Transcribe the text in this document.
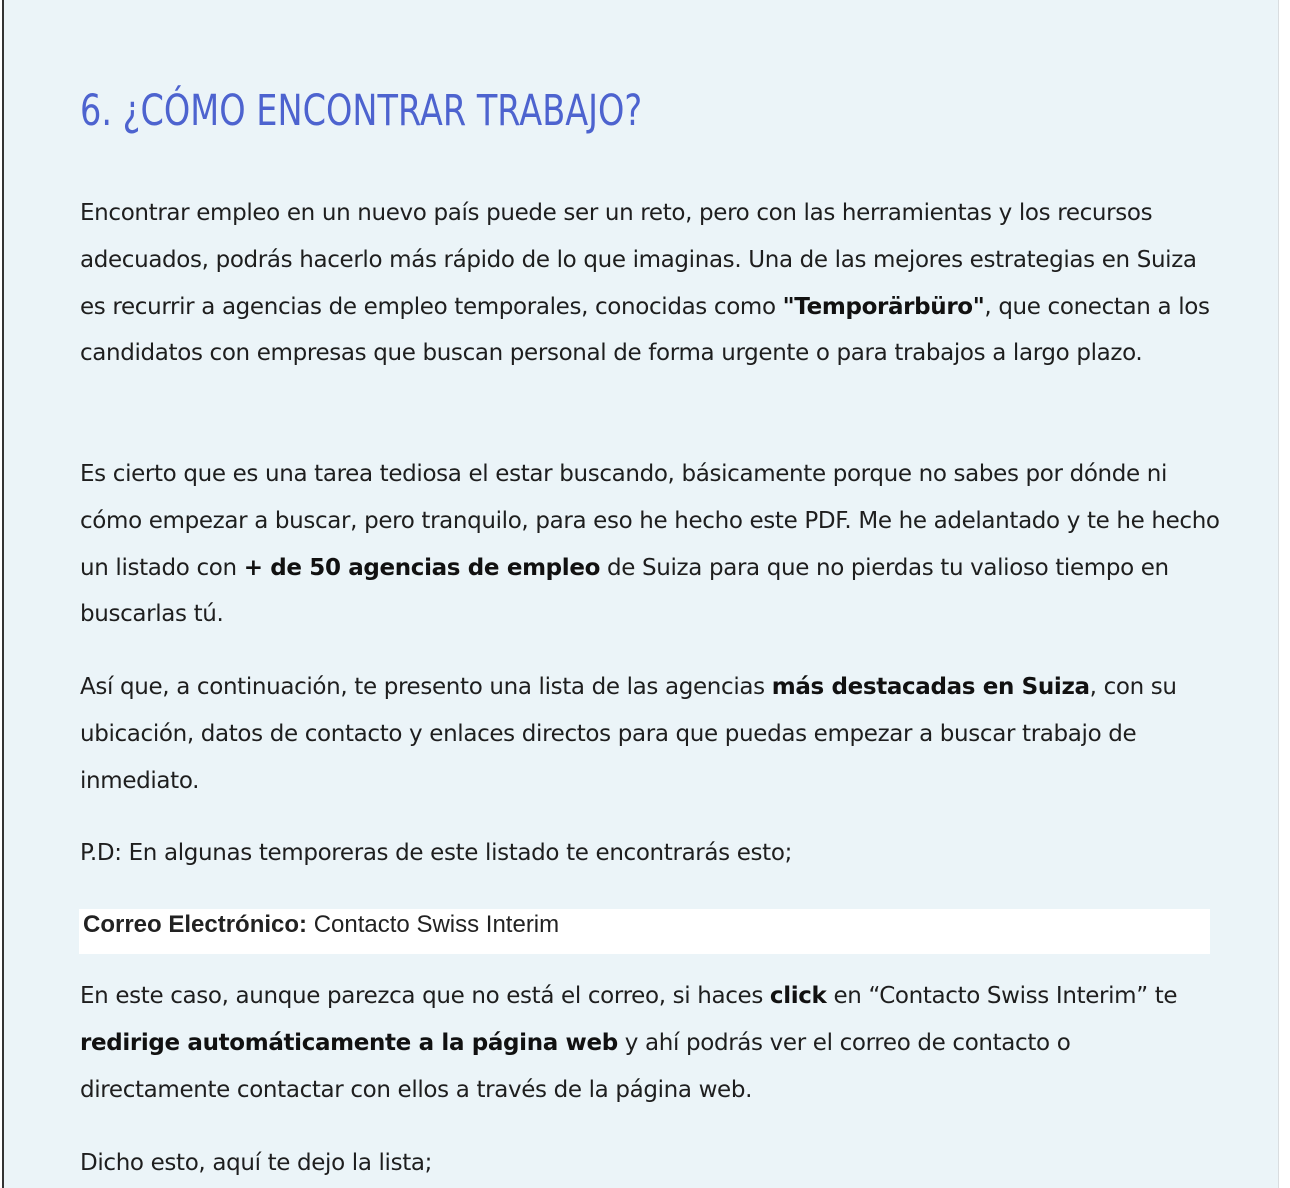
6. ¿CÓMO ENCONTRAR TRABAJO?

Encontrar empleo en un nuevo país puede ser un reto, pero con las herramientas y los recursos adecuados, podrás hacerlo más rápido de lo que imaginas. Una de las mejores estrategias en Suiza es recurrir a agencias de empleo temporales, conocidas como "Temporärbüro", que conectan a los candidatos con empresas que buscan personal de forma urgente o para trabajos a largo plazo.

Es cierto que es una tarea tediosa el estar buscando, básicamente porque no sabes por dónde ni cómo empezar a buscar, pero tranquilo, para eso he hecho este PDF. Me he adelantado y te he hecho un listado con + de 50 agencias de empleo de Suiza para que no pierdas tu valioso tiempo en buscarlas tú.

Así que, a continuación, te presento una lista de las agencias más destacadas en Suiza, con su ubicación, datos de contacto y enlaces directos para que puedas empezar a buscar trabajo de inmediato.

P.D: En algunas temporeras de este listado te encontrarás esto;

Correo Electrónico: Contacto Swiss Interim

En este caso, aunque parezca que no está el correo, si haces click en “Contacto Swiss Interim” te redirige automáticamente a la página web y ahí podrás ver el correo de contacto o directamente contactar con ellos a través de la página web.

Dicho esto, aquí te dejo la lista;
